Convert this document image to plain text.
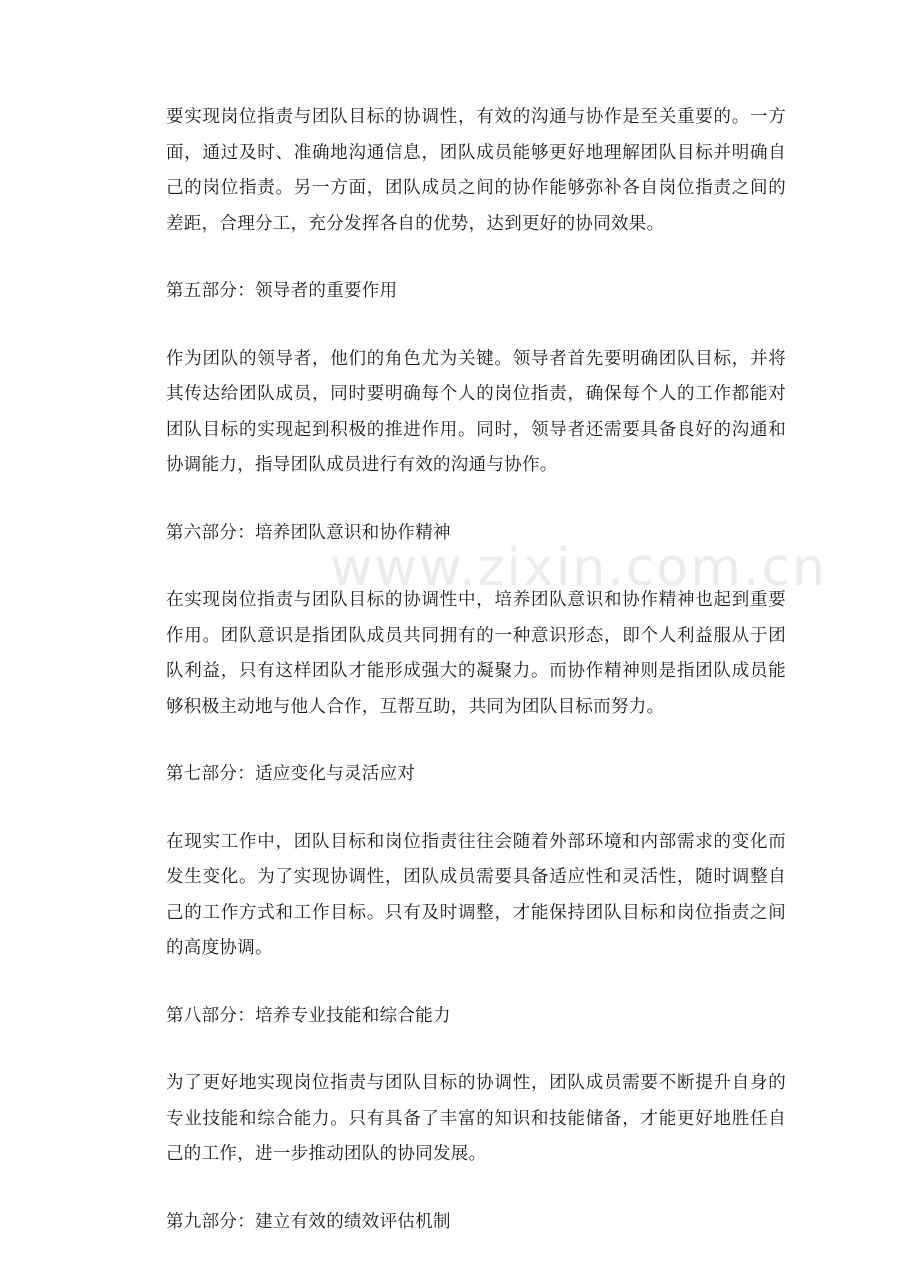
要实现岗位指责与团队目标的协调性，有效的沟通与协作是至关重要的。一方面，通过及时、准确地沟通信息，团队成员能够更好地理解团队目标并明确自己的岗位指责。另一方面，团队成员之间的协作能够弥补各自岗位指责之间的差距，合理分工，充分发挥各自的优势，达到更好的协同效果。

第五部分：领导者的重要作用

作为团队的领导者，他们的角色尤为关键。领导者首先要明确团队目标，并将其传达给团队成员，同时要明确每个人的岗位指责，确保每个人的工作都能对团队目标的实现起到积极的推进作用。同时，领导者还需要具备良好的沟通和协调能力，指导团队成员进行有效的沟通与协作。

第六部分：培养团队意识和协作精神

在实现岗位指责与团队目标的协调性中，培养团队意识和协作精神也起到重要作用。团队意识是指团队成员共同拥有的一种意识形态，即个人利益服从于团队利益，只有这样团队才能形成强大的凝聚力。而协作精神则是指团队成员能够积极主动地与他人合作，互帮互助，共同为团队目标而努力。

第七部分：适应变化与灵活应对

在现实工作中，团队目标和岗位指责往往会随着外部环境和内部需求的变化而发生变化。为了实现协调性，团队成员需要具备适应性和灵活性，随时调整自己的工作方式和工作目标。只有及时调整，才能保持团队目标和岗位指责之间的高度协调。

第八部分：培养专业技能和综合能力

为了更好地实现岗位指责与团队目标的协调性，团队成员需要不断提升自身的专业技能和综合能力。只有具备了丰富的知识和技能储备，才能更好地胜任自己的工作，进一步推动团队的协同发展。

第九部分：建立有效的绩效评估机制

www.zixin.com.cn
